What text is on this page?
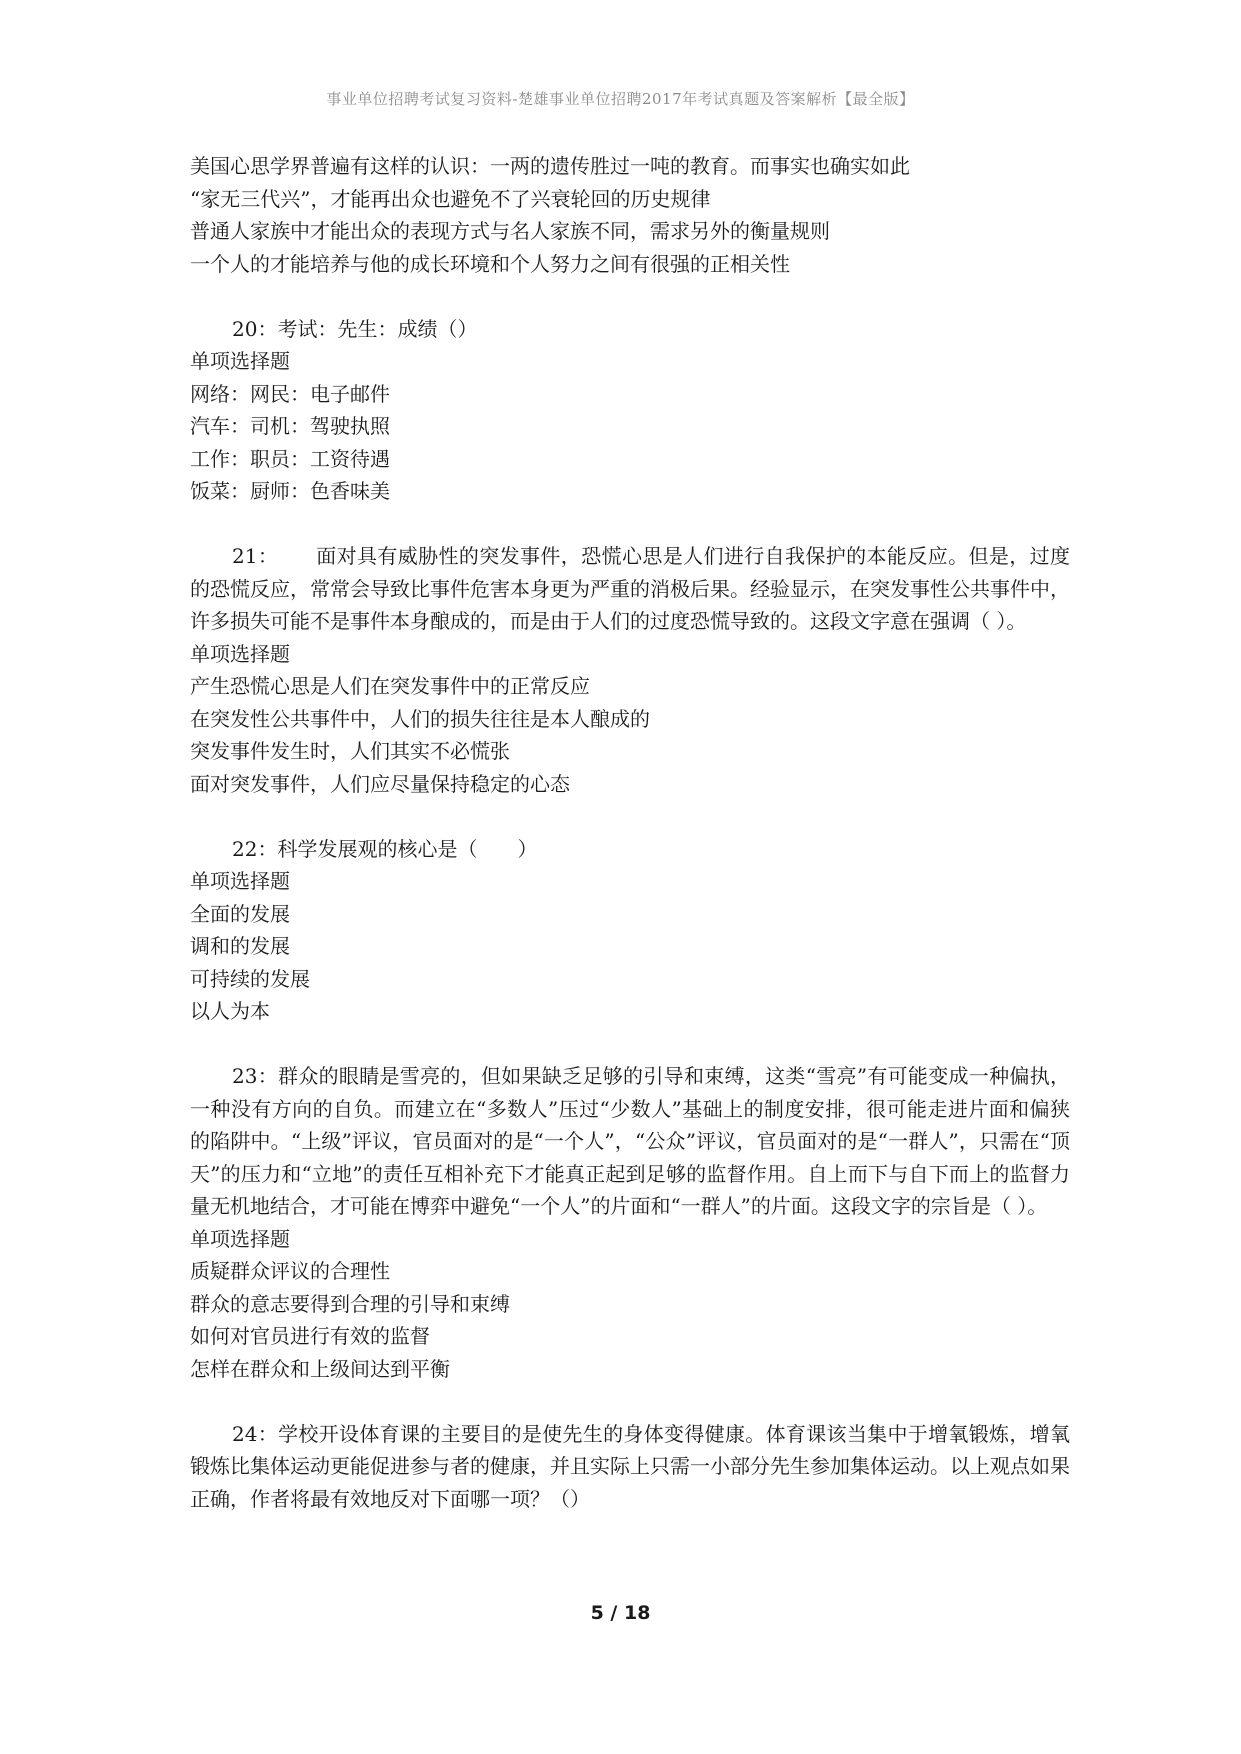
事业单位招聘考试复习资料-楚雄事业单位招聘2017年考试真题及答案解析【最全版】
美国心思学界普遍有这样的认识：一两的遗传胜过一吨的教育。而事实也确实如此
“家无三代兴”，才能再出众也避免不了兴衰轮回的历史规律
普通人家族中才能出众的表现方式与名人家族不同，需求另外的衡量规则
一个人的才能培养与他的成长环境和个人努力之间有很强的正相关性
20：考试：先生：成绩（）
单项选择题
网络：网民：电子邮件
汽车：司机：驾驶执照
工作：职员：工资待遇
饭菜：厨师：色香味美
21： 面对具有威胁性的突发事件，恐慌心思是人们进行自我保护的本能反应。但是，过度的恐慌反应，常常会导致比事件危害本身更为严重的消极后果。经验显示，在突发事性公共事件中，许多损失可能不是事件本身酿成的，而是由于人们的过度恐慌导致的。这段文字意在强调（ ）。
单项选择题
产生恐慌心思是人们在突发事件中的正常反应
在突发性公共事件中，人们的损失往往是本人酿成的
突发事件发生时，人们其实不必慌张
面对突发事件，人们应尽量保持稳定的心态
22：科学发展观的核心是（　　）
单项选择题
全面的发展
调和的发展
可持续的发展
以人为本
23：群众的眼睛是雪亮的，但如果缺乏足够的引导和束缚，这类“雪亮”有可能变成一种偏执，一种没有方向的自负。而建立在“多数人”压过“少数人”基础上的制度安排，很可能走进片面和偏狭的陷阱中。“上级”评议，官员面对的是“一个人”，“公众”评议，官员面对的是“一群人”，只需在“顶天”的压力和“立地”的责任互相补充下才能真正起到足够的监督作用。自上而下与自下而上的监督力量无机地结合，才可能在博弈中避免“一个人”的片面和“一群人”的片面。这段文字的宗旨是（ ）。
单项选择题
质疑群众评议的合理性
群众的意志要得到合理的引导和束缚
如何对官员进行有效的监督
怎样在群众和上级间达到平衡
24：学校开设体育课的主要目的是使先生的身体变得健康。体育课该当集中于增氧锻炼，增氧锻炼比集体运动更能促进参与者的健康，并且实际上只需一小部分先生参加集体运动。以上观点如果正确，作者将最有效地反对下面哪一项？（）
5 / 18
